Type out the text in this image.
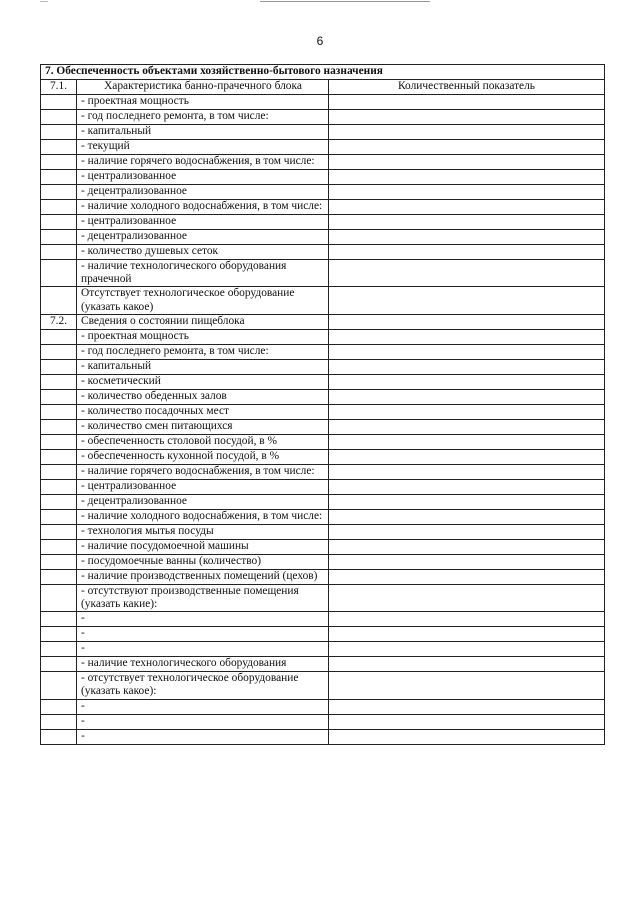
6
7. Обеспеченность объектами хозяйственно-бытового назначения		
7.1.	Характеристика банно-прачечного блока	Количественный показатель
	- проектная мощность	
	- год последнего ремонта, в том числе:	
	- капитальный	
	- текущий	
	- наличие горячего водоснабжения, в том числе:	
	- централизованное	
	- децентрализованное	
	- наличие холодного водоснабжения, в том числе:	
	- централизованное	
	- децентрализованное	
	- количество душевых сеток	
	- наличие технологического оборудования прачечной	
	Отсутствует технологическое оборудование (указать какое)	
7.2.	Сведения о состоянии пищеблока	
	- проектная мощность	
	- год последнего ремонта, в том числе:	
	- капитальный	
	- косметический	
	- количество обеденных залов	
	- количество посадочных мест	
	- количество смен питающихся	
	- обеспеченность столовой посудой, в %	
	- обеспеченность кухонной посудой, в %	
	- наличие горячего водоснабжения, в том числе:	
	- централизованное	
	- децентрализованное	
	- наличие холодного водоснабжения, в том числе:	
	- технология мытья посуды	
	- наличие посудомоечной машины	
	- посудомоечные ванны (количество)	
	- наличие производственных помещений (цехов)	
	- отсутствуют производственные помещения (указать какие):	
	-	
	-	
	-	
	- наличие технологического оборудования	
	- отсутствует технологическое оборудование (указать какое):	
	-	
	-	
	-	
